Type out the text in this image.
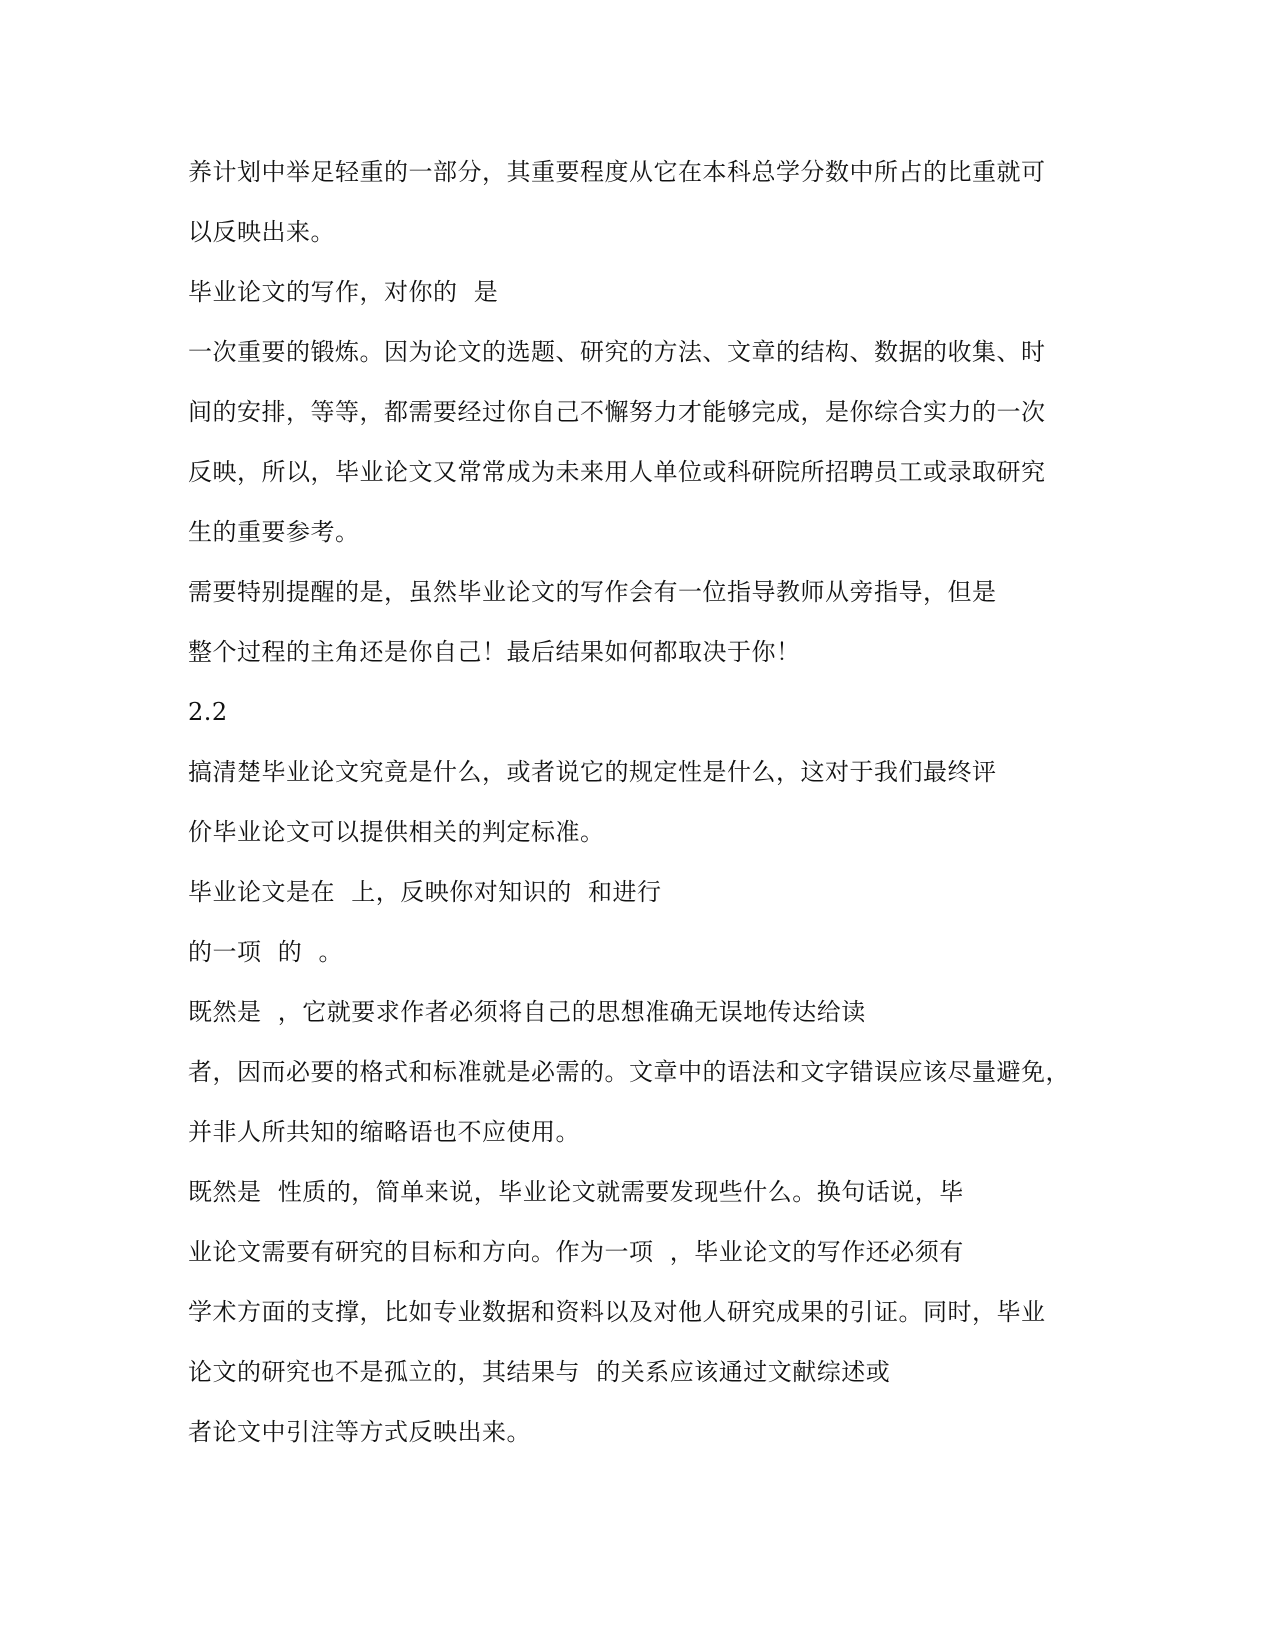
养计划中举足轻重的一部分，其重要程度从它在本科总学分数中所占的比重就可
以反映出来。
毕业论文的写作，对你的  是
一次重要的锻炼。因为论文的选题、研究的方法、文章的结构、数据的收集、时
间的安排，等等，都需要经过你自己不懈努力才能够完成，是你综合实力的一次
反映，所以，毕业论文又常常成为未来用人单位或科研院所招聘员工或录取研究
生的重要参考。
需要特别提醒的是，虽然毕业论文的写作会有一位指导教师从旁指导，但是
整个过程的主角还是你自己！最后结果如何都取决于你！
2.2
搞清楚毕业论文究竟是什么，或者说它的规定性是什么，这对于我们最终评
价毕业论文可以提供相关的判定标准。
毕业论文是在  上，反映你对知识的  和进行
的一项  的  。
既然是  ，它就要求作者必须将自己的思想准确无误地传达给读
者，因而必要的格式和标准就是必需的。文章中的语法和文字错误应该尽量避免，
并非人所共知的缩略语也不应使用。
既然是  性质的，简单来说，毕业论文就需要发现些什么。换句话说，毕
业论文需要有研究的目标和方向。作为一项  ，毕业论文的写作还必须有
学术方面的支撑，比如专业数据和资料以及对他人研究成果的引证。同时，毕业
论文的研究也不是孤立的，其结果与  的关系应该通过文献综述或
者论文中引注等方式反映出来。
